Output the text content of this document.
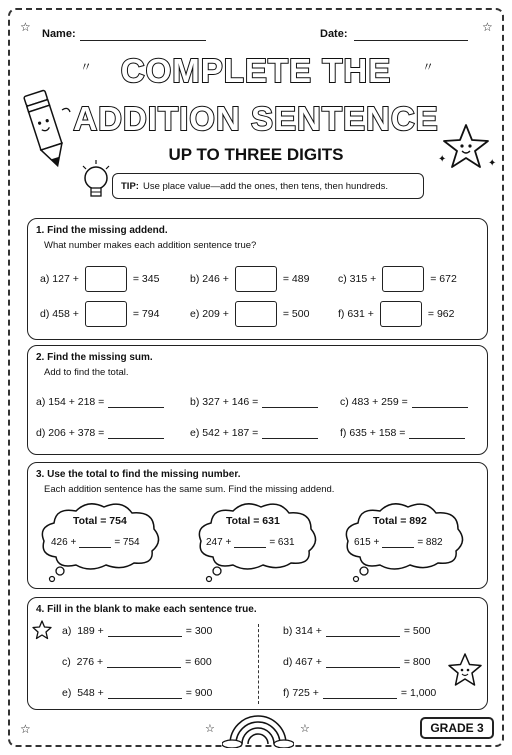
Name:	Date:
☆	☆
COMPLETE THE
ADDITION SENTENCE
UP TO THREE DIGITS
〃	〃
✦	✦
TIP: Use place value—add the ones, then tens, then hundreds.
1. Find the missing addend.
What number makes each addition sentence true?
a)
127 +	= 345	b)
246 +	= 489	c)
315 +	= 672
d)
458 +	= 794	e)
209 +	= 500	f)
631 +	= 962
2. Find the missing sum.
Add to find the total.
a)
154 + 218 =	b)
327 + 146 =	c)
483 + 259 =
d)
206 + 378 =	e)
542 + 187 =	f)
635 + 158 =
3. Use the total to find the missing number.
Each addition sentence has the same sum. Find the missing addend.
Total = 754
426 +	= 754
Total = 631
247 +	= 631
Total = 892
615 +	= 882
4. Fill in the blank to make each sentence true.
a)
189 +	= 300	b)
314 +	= 500
c)
276 +	= 600	d)
467 +	= 800
e)
548 +	= 900	f)
725 +	= 1,000
☆	☆	☆	GRADE 3
